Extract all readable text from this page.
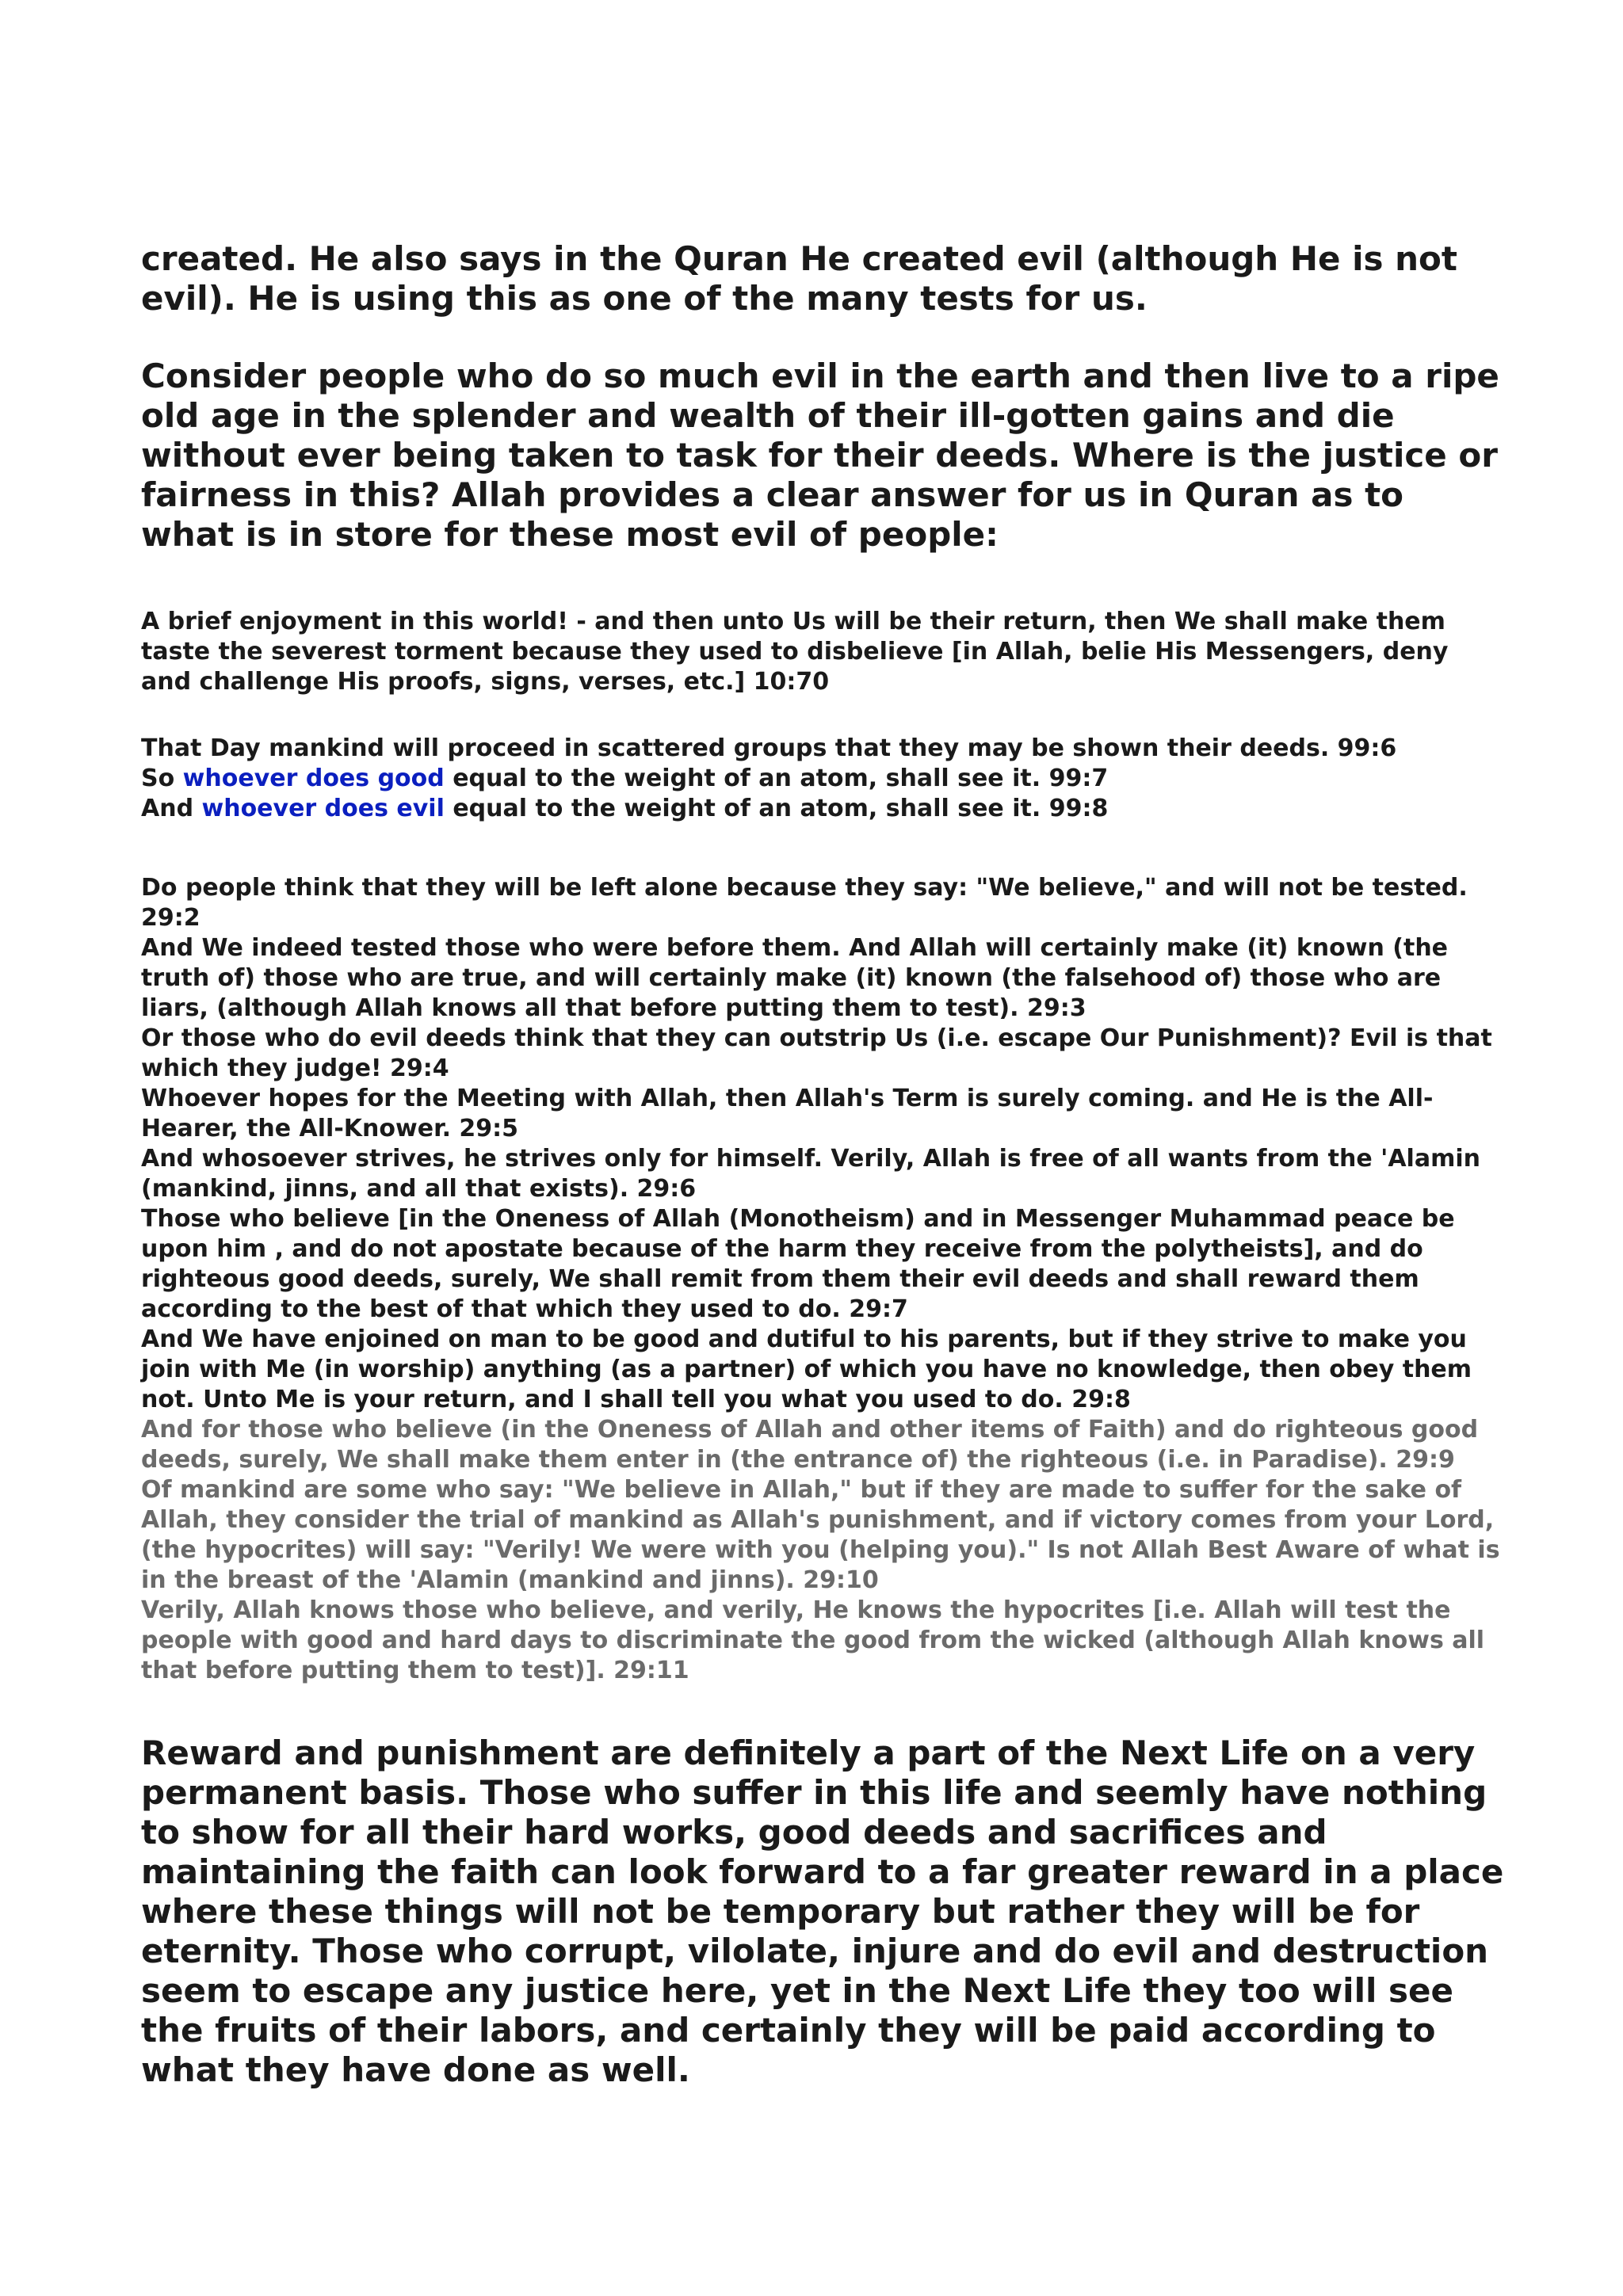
created. He also says in the Quran He created evil (although He is not evil). He is using this as one of the many tests for us.

Consider people who do so much evil in the earth and then live to a ripe old age in the splender and wealth of their ill-gotten gains and die without ever being taken to task for their deeds. Where is the justice or fairness in this? Allah provides a clear answer for us in Quran as to what is in store for these most evil of people:

A brief enjoyment in this world! - and then unto Us will be their return, then We shall make them taste the severest torment because they used to disbelieve [in Allah, belie His Messengers, deny and challenge His proofs, signs, verses, etc.] 10:70

That Day mankind will proceed in scattered groups that they may be shown their deeds. 99:6
So whoever does good equal to the weight of an atom, shall see it. 99:7
And whoever does evil equal to the weight of an atom, shall see it. 99:8
Do people think that they will be left alone because they say: "We believe," and will not be tested. 29:2
And We indeed tested those who were before them. And Allah will certainly make (it) known (the truth of) those who are true, and will certainly make (it) known (the falsehood of) those who are liars, (although Allah knows all that before putting them to test). 29:3
Or those who do evil deeds think that they can outstrip Us (i.e. escape Our Punishment)? Evil is that which they judge! 29:4
Whoever hopes for the Meeting with Allah, then Allah's Term is surely coming. and He is the All-Hearer, the All-Knower. 29:5
And whosoever strives, he strives only for himself. Verily, Allah is free of all wants from the 'Alamin (mankind, jinns, and all that exists). 29:6
Those who believe [in the Oneness of Allah (Monotheism) and in Messenger Muhammad peace be upon him , and do not apostate because of the harm they receive from the polytheists], and do righteous good deeds, surely, We shall remit from them their evil deeds and shall reward them according to the best of that which they used to do. 29:7
And We have enjoined on man to be good and dutiful to his parents, but if they strive to make you join with Me (in worship) anything (as a partner) of which you have no knowledge, then obey them not. Unto Me is your return, and I shall tell you what you used to do. 29:8
And for those who believe (in the Oneness of Allah and other items of Faith) and do righteous good deeds, surely, We shall make them enter in (the entrance of) the righteous (i.e. in Paradise). 29:9
Of mankind are some who say: "We believe in Allah," but if they are made to suffer for the sake of Allah, they consider the trial of mankind as Allah's punishment, and if victory comes from your Lord, (the hypocrites) will say: "Verily! We were with you (helping you)." Is not Allah Best Aware of what is in the breast of the 'Alamin (mankind and jinns). 29:10
Verily, Allah knows those who believe, and verily, He knows the hypocrites [i.e. Allah will test the people with good and hard days to discriminate the good from the wicked (although Allah knows all that before putting them to test)]. 29:11

Reward and punishment are definitely a part of the Next Life on a very permanent basis. Those who suffer in this life and seemly have nothing to show for all their hard works, good deeds and sacrifices and maintaining the faith can look forward to a far greater reward in a place where these things will not be temporary but rather they will be for eternity. Those who corrupt, vilolate, injure and do evil and destruction seem to escape any justice here, yet in the Next Life they too will see the fruits of their labors, and certainly they will be paid according to what they have done as well.
